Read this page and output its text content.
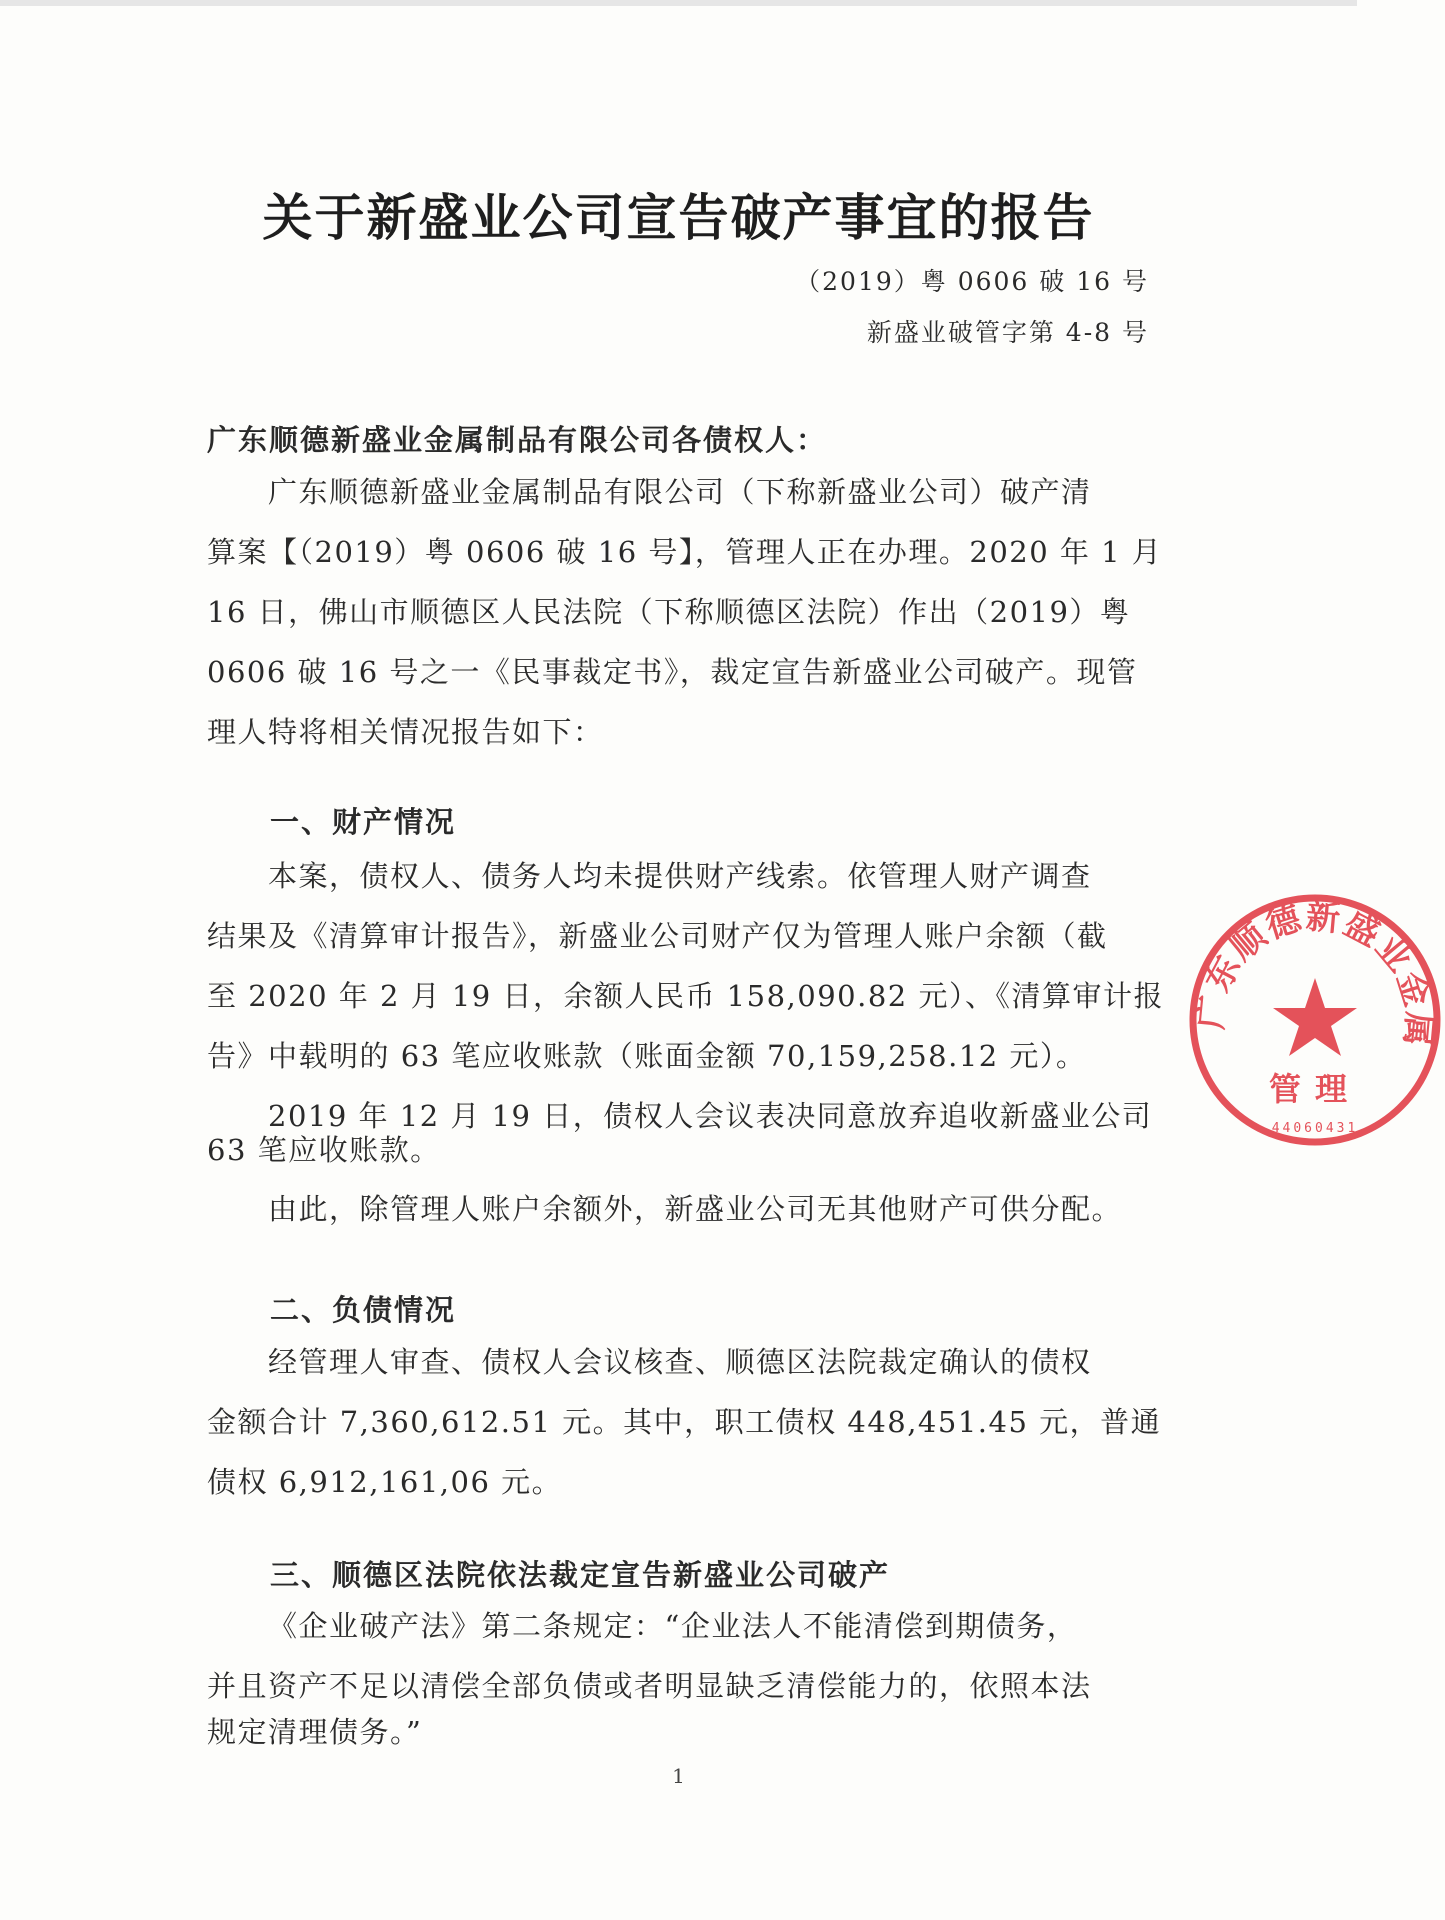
关于新盛业公司宣告破产事宜的报告
（2019）粤 0606 破 16 号
新盛业破管字第 4-8 号
广东顺德新盛业金属制品有限公司各债权人：
广东顺德新盛业金属制品有限公司（下称新盛业公司）破产清
算案【（2019）粤 0606 破 16 号】，管理人正在办理。2020 年 1 月
16 日，佛山市顺德区人民法院（下称顺德区法院）作出（2019）粤
0606 破 16 号之一《民事裁定书》，裁定宣告新盛业公司破产。现管
理人特将相关情况报告如下：
一、财产情况
本案，债权人、债务人均未提供财产线索。依管理人财产调查
结果及《清算审计报告》，新盛业公司财产仅为管理人账户余额（截
至 2020 年 2 月 19 日，余额人民币 158,090.82 元）、《清算审计报
告》中载明的 63 笔应收账款（账面金额 70,159,258.12 元）。
2019 年 12 月 19 日，债权人会议表决同意放弃追收新盛业公司
63 笔应收账款。
由此，除管理人账户余额外，新盛业公司无其他财产可供分配。
二、负债情况
经管理人审查、债权人会议核查、顺德区法院裁定确认的债权
金额合计 7,360,612.51 元。其中，职工债权 448,451.45 元，普通
债权 6,912,161,06 元。
三、顺德区法院依法裁定宣告新盛业公司破产
《企业破产法》第二条规定：“企业法人不能清偿到期债务，
并且资产不足以清偿全部负债或者明显缺乏清偿能力的，依照本法
规定清理债务。”
1
广东顺德新盛业金属
管理
44060431
